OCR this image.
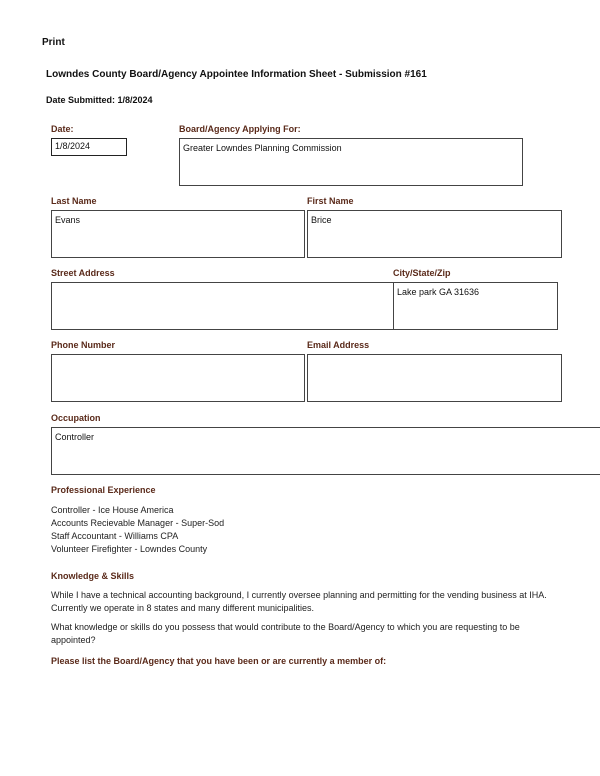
Print
Lowndes County Board/Agency Appointee Information Sheet - Submission #161
Date Submitted: 1/8/2024
Date:
1/8/2024
Board/Agency Applying For:
Greater Lowndes Planning Commission
Last Name
Evans
First Name
Brice
Street Address	City/State/Zip
Lake park GA 31636
Phone Number	Email Address
Occupation
Controller
Professional Experience
Controller - Ice House America
Accounts Recievable Manager - Super-Sod
Staff Accountant - Williams CPA
Volunteer Firefighter - Lowndes County
Knowledge & Skills
While I have a technical accounting background, I currently oversee planning and permitting for the vending business at IHA. Currently we operate in 8 states and many different municipalities.
What knowledge or skills do you possess that would contribute to the Board/Agency to which you are requesting to be appointed?
Please list the Board/Agency that you have been or are currently a member of:
